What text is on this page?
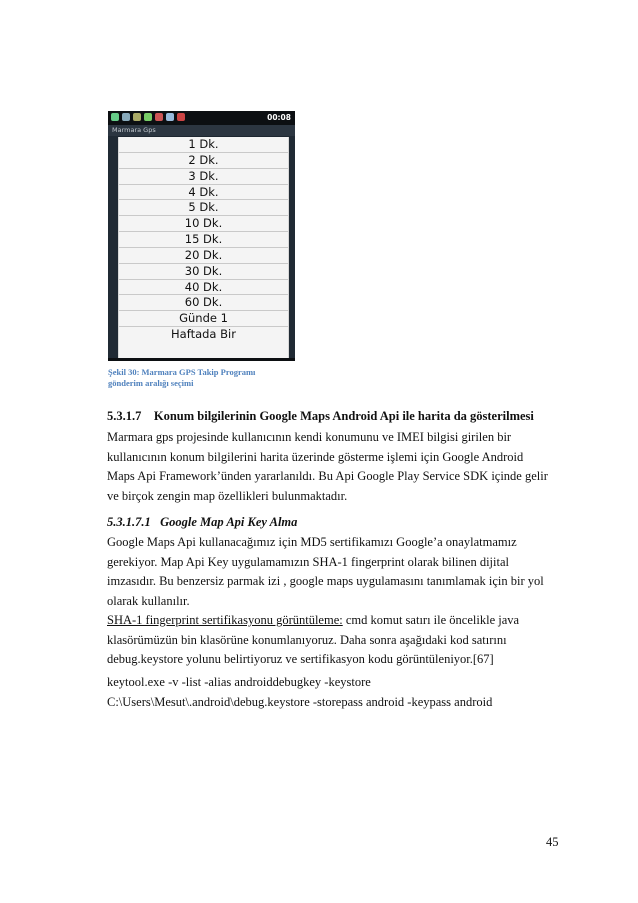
00:08
Marmara Gps
1 Dk.
2 Dk.
3 Dk.
4 Dk.
5 Dk.
10 Dk.
15 Dk.
20 Dk.
30 Dk.
40 Dk.
60 Dk.
Günde 1
Haftada Bir
Şekil 30: Marmara GPS Takip Programı
gönderim aralığı seçimi
5.3.1.7 Konum bilgilerinin Google Maps Android Api ile harita da gösterilmesi
Marmara gps projesinde kullanıcının kendi konumunu ve IMEI bilgisi girilen bir
kullanıcının konum bilgilerini harita üzerinde gösterme işlemi için Google Android
Maps Api Framework’ünden yararlanıldı. Bu Api Google Play Service SDK içinde gelir
ve birçok zengin map özellikleri bulunmaktadır.
5.3.1.7.1 Google Map Api Key Alma
Google Maps Api kullanacağımız için MD5 sertifikamızı Google’a onaylatmamız
gerekiyor. Map Api Key uygulamamızın SHA-1 fingerprint olarak bilinen dijital
imzasıdır. Bu benzersiz parmak izi , google maps uygulamasını tanımlamak için bir yol
olarak kullanılır.
SHA-1 fingerprint sertifikasyonu görüntüleme: cmd komut satırı ile öncelikle java
klasörümüzün bin klasörüne konumlanıyoruz. Daha sonra aşağıdaki kod satırını
debug.keystore yolunu belirtiyoruz ve sertifikasyon kodu görüntüleniyor.[67]
keytool.exe -v -list -alias androiddebugkey -keystore
C:\Users\Mesut\.android\debug.keystore -storepass android -keypass android
45
